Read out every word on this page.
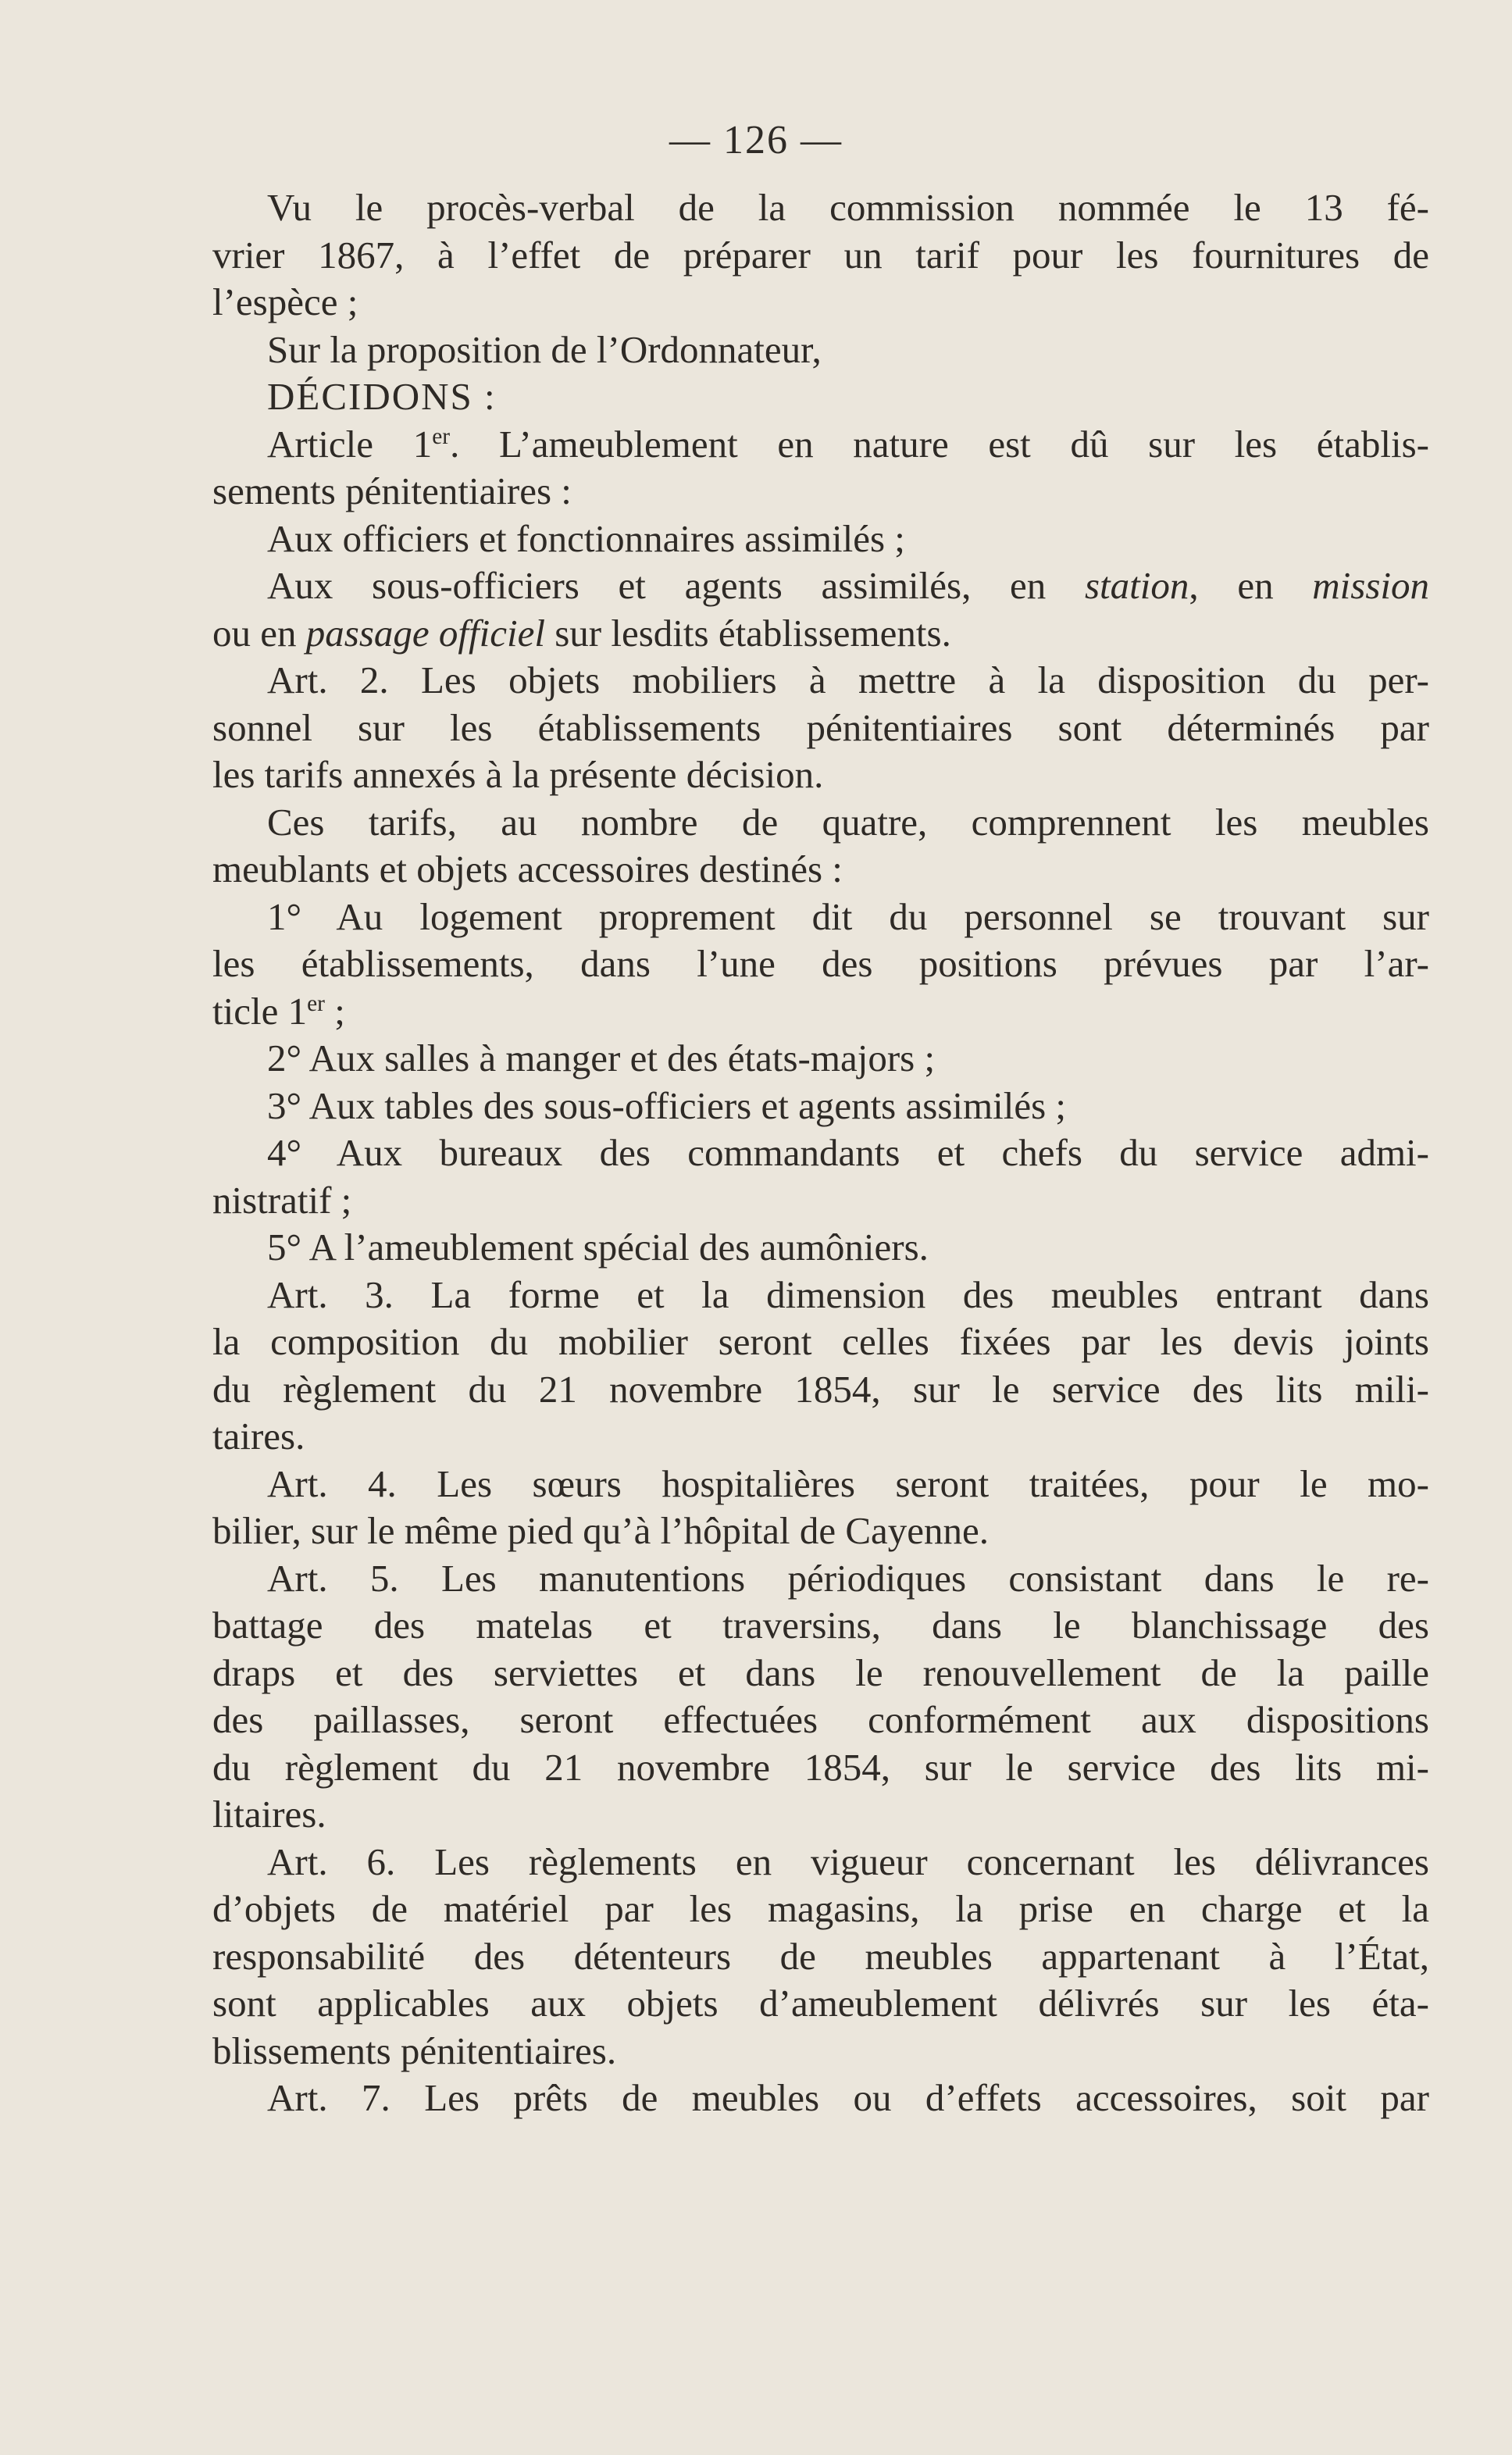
— 126 —
Vu le procès-verbal de la commission nommée le 13 fé-
vrier 1867, à l’effet de préparer un tarif pour les fournitures de
l’espèce ;
Sur la proposition de l’Ordonnateur,
DÉCIDONS :
Article 1er. L’ameublement en nature est dû sur les établis-
sements pénitentiaires :
Aux officiers et fonctionnaires assimilés ;
Aux sous-officiers et agents assimilés, en station, en mission
ou en passage officiel sur lesdits établissements.
Art. 2. Les objets mobiliers à mettre à la disposition du per-
sonnel sur les établissements pénitentiaires sont déterminés par
les tarifs annexés à la présente décision.
Ces tarifs, au nombre de quatre, comprennent les meubles
meublants et objets accessoires destinés :
1° Au logement proprement dit du personnel se trouvant sur
les établissements, dans l’une des positions prévues par l’ar-
ticle 1er ;
2° Aux salles à manger et des états-majors ;
3° Aux tables des sous-officiers et agents assimilés ;
4° Aux bureaux des commandants et chefs du service admi-
nistratif ;
5° A l’ameublement spécial des aumôniers.
Art. 3. La forme et la dimension des meubles entrant dans
la composition du mobilier seront celles fixées par les devis joints
du règlement du 21 novembre 1854, sur le service des lits mili-
taires.
Art. 4. Les sœurs hospitalières seront traitées, pour le mo-
bilier, sur le même pied qu’à l’hôpital de Cayenne.
Art. 5. Les manutentions périodiques consistant dans le re-
battage des matelas et traversins, dans le blanchissage des
draps et des serviettes et dans le renouvellement de la paille
des paillasses, seront effectuées conformément aux dispositions
du règlement du 21 novembre 1854, sur le service des lits mi-
litaires.
Art. 6. Les règlements en vigueur concernant les délivrances
d’objets de matériel par les magasins, la prise en charge et la
responsabilité des détenteurs de meubles appartenant à l’État,
sont applicables aux objets d’ameublement délivrés sur les éta-
blissements pénitentiaires.
Art. 7. Les prêts de meubles ou d’effets accessoires, soit par
